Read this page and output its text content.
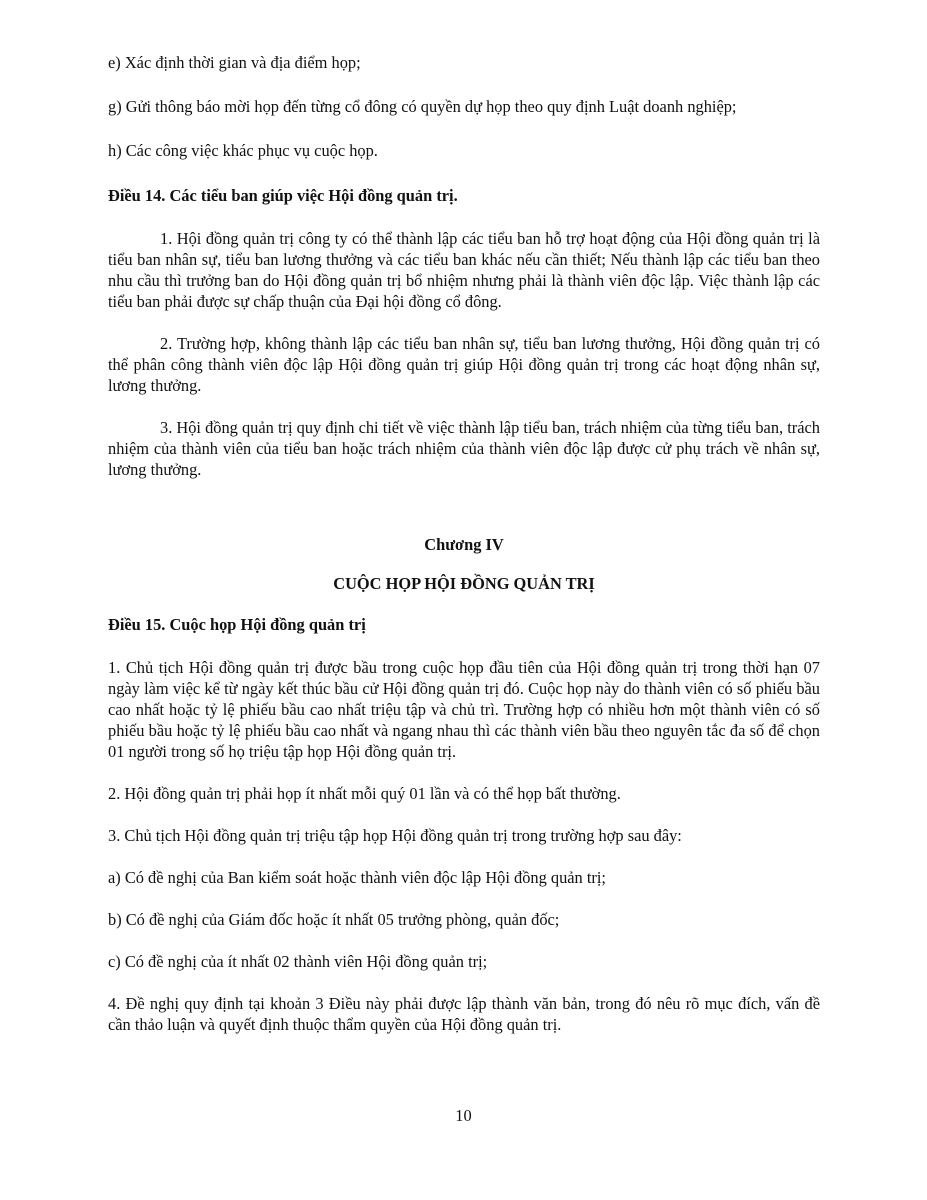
e) Xác định thời gian và địa điểm họp;

g) Gửi thông báo mời họp đến từng cổ đông có quyền dự họp theo quy định Luật doanh nghiệp;

h) Các công việc khác phục vụ cuộc họp.

Điều 14. Các tiểu ban giúp việc Hội đồng quản trị.

1. Hội đồng quản trị công ty có thể thành lập các tiểu ban hỗ trợ hoạt động của Hội đồng quản trị là tiểu ban nhân sự, tiểu ban lương thưởng và các tiểu ban khác nếu cần thiết; Nếu thành lập các tiểu ban theo nhu cầu thì trưởng ban do Hội đồng quản trị bổ nhiệm nhưng phải là thành viên độc lập. Việc thành lập các tiểu ban phải được sự chấp thuận của Đại hội đồng cổ đông.

2. Trường hợp, không thành lập các tiểu ban nhân sự, tiểu ban lương thưởng, Hội đồng quản trị có thể phân công thành viên độc lập Hội đồng quản trị giúp Hội đồng quản trị trong các hoạt động nhân sự, lương thưởng.

3. Hội đồng quản trị quy định chi tiết về việc thành lập tiểu ban, trách nhiệm của từng tiểu ban, trách nhiệm của thành viên của tiểu ban hoặc trách nhiệm của thành viên độc lập được cử phụ trách về nhân sự, lương thưởng.

Chương IV

CUỘC HỌP HỘI ĐỒNG QUẢN TRỊ

Điều 15. Cuộc họp Hội đồng quản trị

1. Chủ tịch Hội đồng quản trị được bầu trong cuộc họp đầu tiên của Hội đồng quản trị trong thời hạn 07 ngày làm việc kể từ ngày kết thúc bầu cử Hội đồng quản trị đó. Cuộc họp này do thành viên có số phiếu bầu cao nhất hoặc tỷ lệ phiếu bầu cao nhất triệu tập và chủ trì. Trường hợp có nhiều hơn một thành viên có số phiếu bầu hoặc tỷ lệ phiếu bầu cao nhất và ngang nhau thì các thành viên bầu theo nguyên tắc đa số để chọn 01 người trong số họ triệu tập họp Hội đồng quản trị.

2. Hội đồng quản trị phải họp ít nhất mỗi quý 01 lần và có thể họp bất thường.

3. Chủ tịch Hội đồng quản trị triệu tập họp Hội đồng quản trị trong trường hợp sau đây:

a) Có đề nghị của Ban kiểm soát hoặc thành viên độc lập Hội đồng quản trị;

b) Có đề nghị của Giám đốc hoặc ít nhất 05 trưởng phòng, quản đốc;

c) Có đề nghị của ít nhất 02 thành viên Hội đồng quản trị;

4. Đề nghị quy định tại khoản 3 Điều này phải được lập thành văn bản, trong đó nêu rõ mục đích, vấn đề cần thảo luận và quyết định thuộc thẩm quyền của Hội đồng quản trị.

10
